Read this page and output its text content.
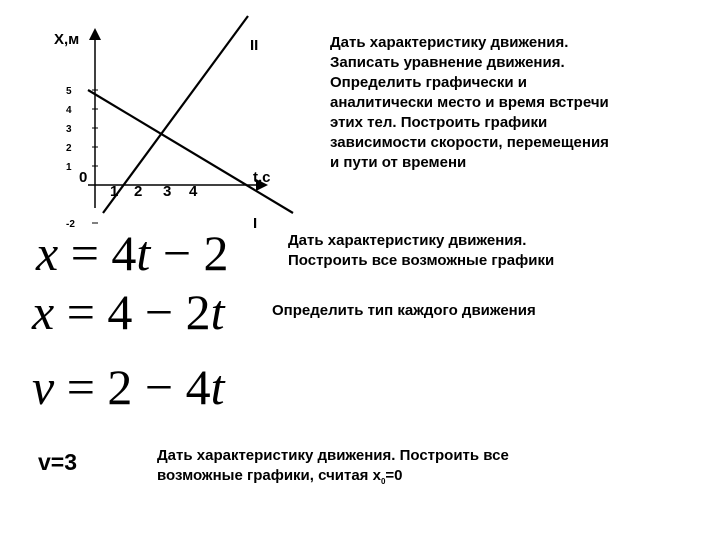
-2
1
2
3
4
5
1 2 3 4
Х,м
t,c
0
II
I
Дать характеристику движения.
Записать уравнение движения.
Определить графически и
аналитически место и время встречи
этих тел. Построить графики
зависимости скорости, перемещения
и пути от времени
x = 4t − 2	Дать характеристику движения.
Построить все возможные графики
x = 4 − 2t	Определить тип каждого движения
v = 2 − 4t
v=3	Дать характеристику движения. Построить все
возможные графики, считая $х_0=0$
